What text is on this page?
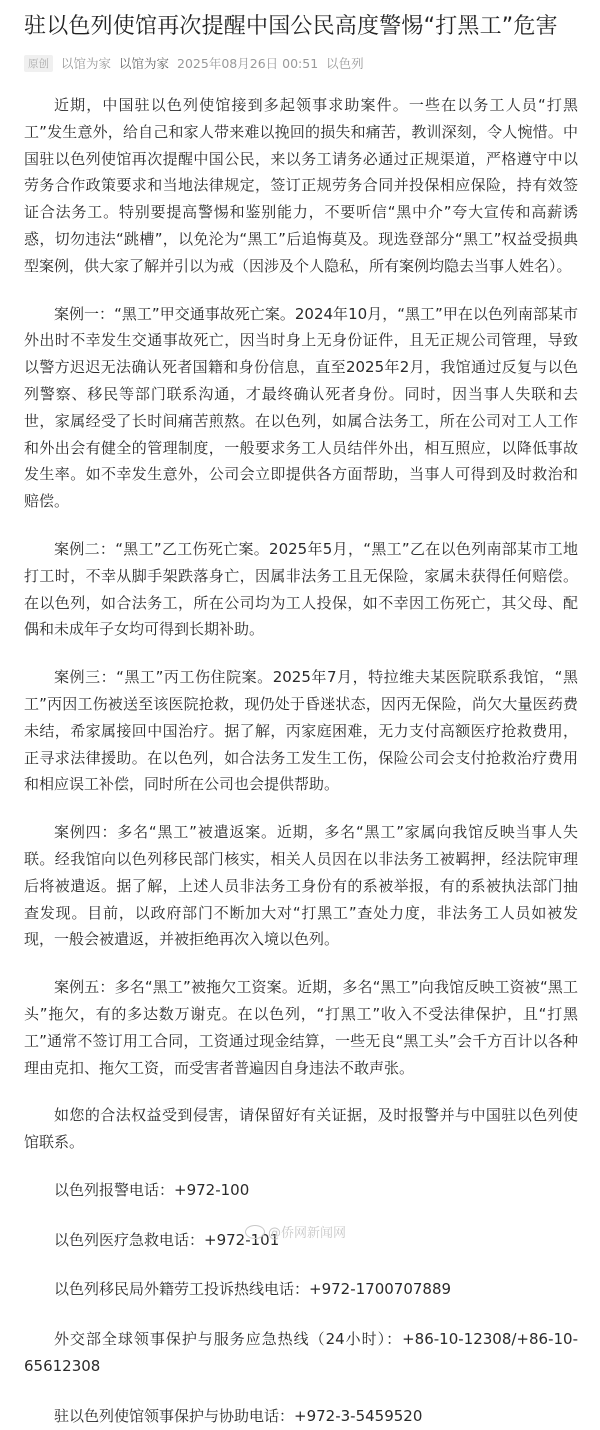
驻以色列使馆再次提醒中国公民高度警惕“打黑工”危害
原创 以馆为家 以馆为家 2025年08月26日 00:51 以色列

近期，中国驻以色列使馆接到多起领事求助案件。一些在以务工人员“打黑工”发生意外，给自己和家人带来难以挽回的损失和痛苦，教训深刻，令人惋惜。中国驻以色列使馆再次提醒中国公民，来以务工请务必通过正规渠道，严格遵守中以劳务合作政策要求和当地法律规定，签订正规劳务合同并投保相应保险，持有效签证合法务工。特别要提高警惕和鉴别能力，不要听信“黑中介”夸大宣传和高薪诱惑，切勿违法“跳槽”，以免沦为“黑工”后追悔莫及。现选登部分“黑工”权益受损典型案例，供大家了解并引以为戒（因涉及个人隐私，所有案例均隐去当事人姓名）。

案例一：“黑工”甲交通事故死亡案。2024年10月，“黑工”甲在以色列南部某市外出时不幸发生交通事故死亡，因当时身上无身份证件，且无正规公司管理，导致以警方迟迟无法确认死者国籍和身份信息，直至2025年2月，我馆通过反复与以色列警察、移民等部门联系沟通，才最终确认死者身份。同时，因当事人失联和去世，家属经受了长时间痛苦煎熬。在以色列，如属合法务工，所在公司对工人工作和外出会有健全的管理制度，一般要求务工人员结伴外出，相互照应，以降低事故发生率。如不幸发生意外，公司会立即提供各方面帮助，当事人可得到及时救治和赔偿。

案例二：“黑工”乙工伤死亡案。2025年5月，“黑工”乙在以色列南部某市工地打工时，不幸从脚手架跌落身亡，因属非法务工且无保险，家属未获得任何赔偿。在以色列，如合法务工，所在公司均为工人投保，如不幸因工伤死亡，其父母、配偶和未成年子女均可得到长期补助。

案例三：“黑工”丙工伤住院案。2025年7月，特拉维夫某医院联系我馆，“黑工”丙因工伤被送至该医院抢救，现仍处于昏迷状态，因丙无保险，尚欠大量医药费未结，希家属接回中国治疗。据了解，丙家庭困难，无力支付高额医疗抢救费用，正寻求法律援助。在以色列，如合法务工发生工伤，保险公司会支付抢救治疗费用和相应误工补偿，同时所在公司也会提供帮助。

案例四：多名“黑工”被遣返案。近期，多名“黑工”家属向我馆反映当事人失联。经我馆向以色列移民部门核实，相关人员因在以非法务工被羁押，经法院审理后将被遣返。据了解，上述人员非法务工身份有的系被举报，有的系被执法部门抽查发现。目前，以政府部门不断加大对“打黑工”查处力度，非法务工人员如被发现，一般会被遣返，并被拒绝再次入境以色列。

案例五：多名“黑工”被拖欠工资案。近期，多名“黑工”向我馆反映工资被“黑工头”拖欠，有的多达数万谢克。在以色列，“打黑工”收入不受法律保护，且“打黑工”通常不签订用工合同，工资通过现金结算，一些无良“黑工头”会千方百计以各种理由克扣、拖欠工资，而受害者普遍因自身违法不敢声张。

如您的合法权益受到侵害，请保留好有关证据，及时报警并与中国驻以色列使馆联系。

以色列报警电话：+972-100

以色列医疗急救电话：+972-101

以色列移民局外籍劳工投诉热线电话：+972-1700707889

外交部全球领事保护与服务应急热线（24小时）：+86-10-12308/+86-10-65612308

驻以色列使馆领事保护与协助电话：+972-3-5459520

@侨网新闻网
